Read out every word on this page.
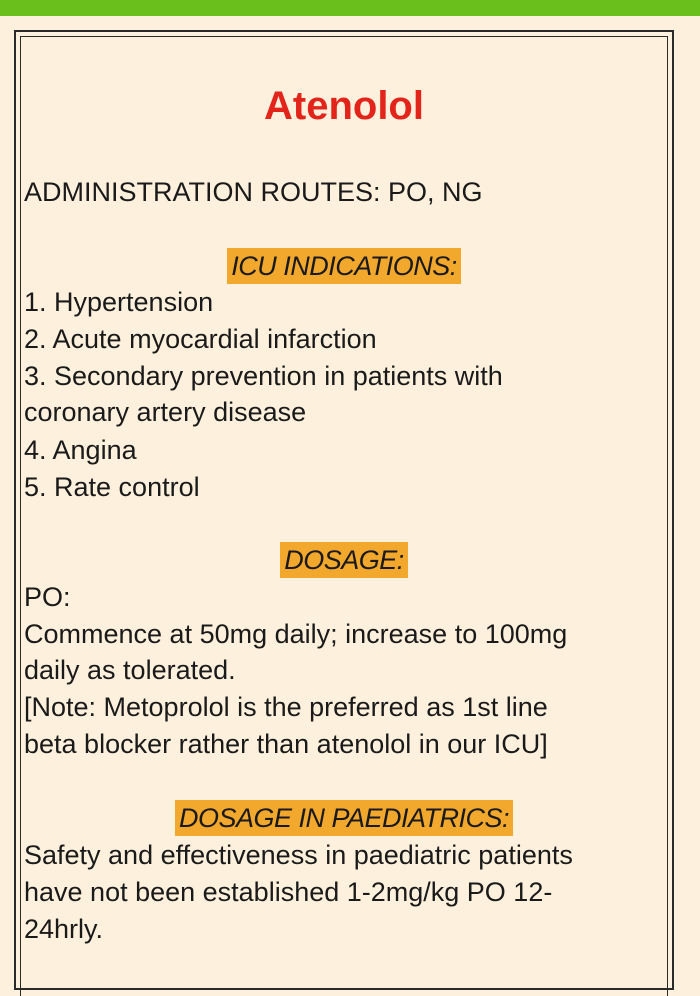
Atenolol

ADMINISTRATION ROUTES: PO, NG

ICU INDICATIONS:

1. Hypertension

2. Acute myocardial infarction

3. Secondary prevention in patients with

coronary artery disease

4. Angina

5. Rate control

DOSAGE:

PO:

Commence at 50mg daily; increase to 100mg

daily as tolerated.

[Note: Metoprolol is the preferred as 1st line

beta blocker rather than atenolol in our ICU]

DOSAGE IN PAEDIATRICS:

Safety and effectiveness in paediatric patients

have not been established 1-2mg/kg PO 12-

24hrly.
